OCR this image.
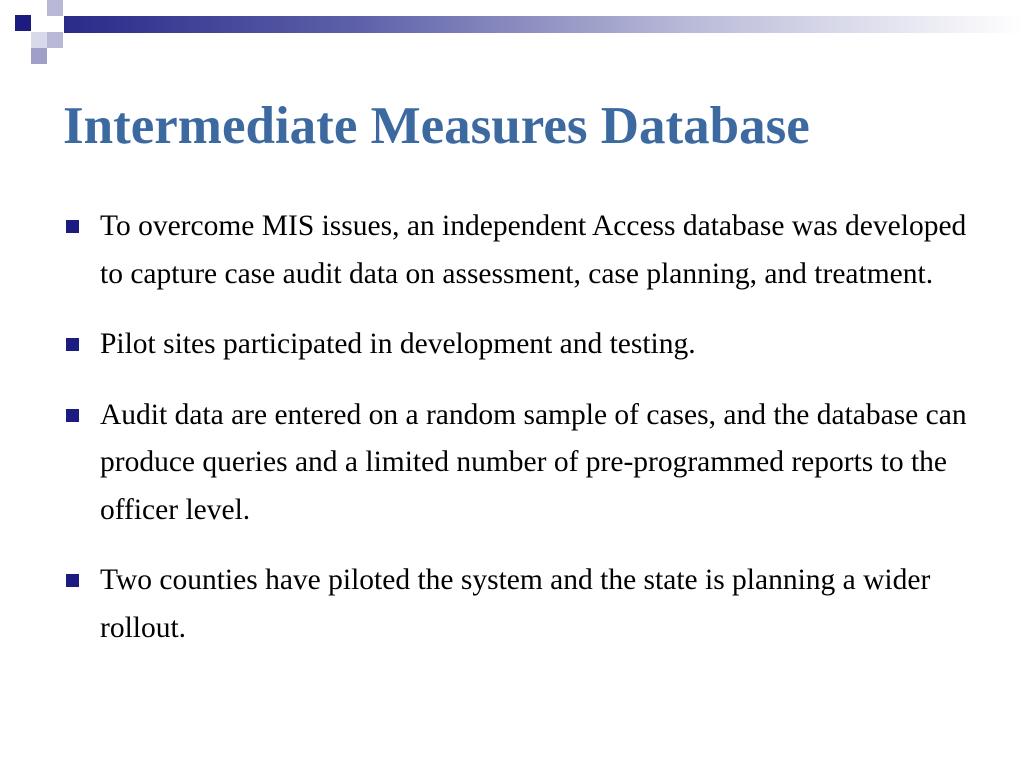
Intermediate Measures Database
To overcome MIS issues, an independent Access database was developed to capture case audit data on assessment, case planning, and treatment.
Pilot sites participated in development and testing.
Audit data are entered on a random sample of cases, and the database can produce queries and a limited number of pre-programmed reports to the officer level.
Two counties have piloted the system and the state is planning a wider rollout.
